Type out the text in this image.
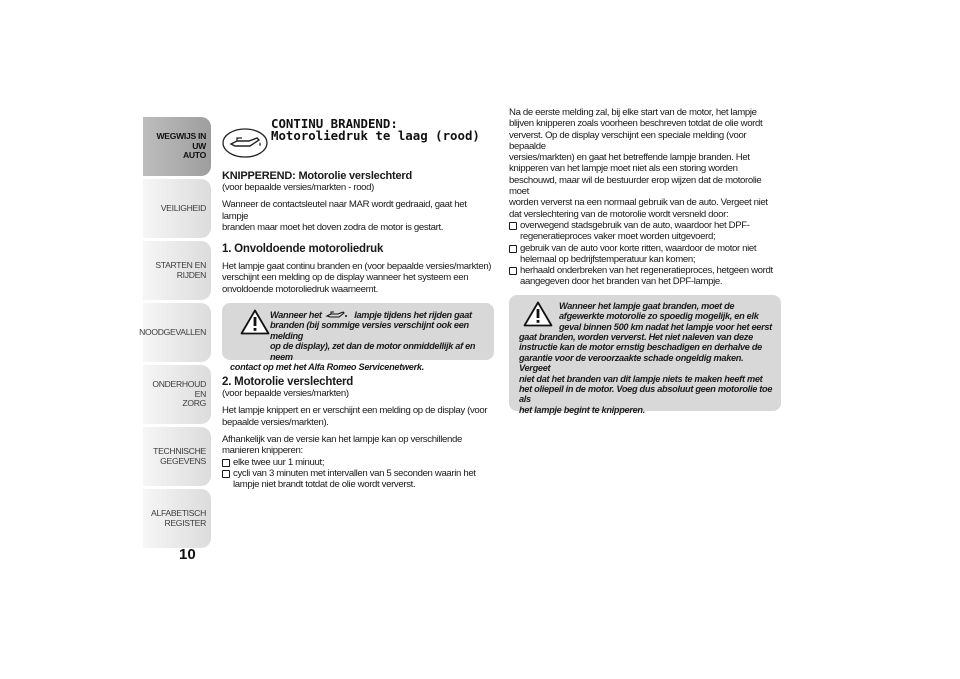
WEGWIJS IN UW
AUTO
VEILIGHEID
STARTEN EN RIJDEN
NOODGEVALLEN
ONDERHOUD EN
ZORG
TECHNISCHE
GEGEVENS
ALFABETISCH
REGISTER
10
CONTINU BRANDEND:
Motoroliedruk te laag (rood)

KNIPPEREND: Motorolie verslechterd

(voor bepaalde versies/markten - rood)

Wanneer de contactsleutel naar MAR wordt gedraaid, gaat het lampje

branden maar moet het doven zodra de motor is gestart.

1. Onvoldoende motoroliedruk

Het lampje gaat continu branden en (voor bepaalde versies/markten)

verschijnt een melding op de display wanneer het systeem een

onvoldoende motoroliedruk waarneemt.

Wanneer het	lampje tijdens het rijden gaat

branden (bij sommige versies verschijnt ook een melding

op de display), zet dan de motor onmiddellijk af en neem

contact op met het Alfa Romeo Servicenetwerk.

2. Motorolie verslechterd

(voor bepaalde versies/markten)

Het lampje knippert en er verschijnt een melding op de display (voor

bepaalde versies/markten).

Afhankelijk van de versie kan het lampje kan op verschillende

manieren knipperen:

elke twee uur 1 minuut;
cycli van 3 minuten met intervallen van 5 seconden waarin het
lampje niet brandt totdat de olie wordt ververst.

Na de eerste melding zal, bij elke start van de motor, het lampje

blijven knipperen zoals voorheen beschreven totdat de olie wordt

ververst. Op de display verschijnt een speciale melding (voor bepaalde

versies/markten) en gaat het betreffende lampje branden. Het

knipperen van het lampje moet niet als een storing worden

beschouwd, maar wil de bestuurder erop wijzen dat de motorolie moet

worden ververst na een normaal gebruik van de auto. Vergeet niet

dat verslechtering van de motorolie wordt versneld door:

overwegend stadsgebruik van de auto, waardoor het DPF-
regeneratieproces vaker moet worden uitgevoerd;
gebruik van de auto voor korte ritten, waardoor de motor niet
helemaal op bedrijfstemperatuur kan komen;
herhaald onderbreken van het regeneratieproces, hetgeen wordt
aangegeven door het branden van het DPF-lampje.

Wanneer het lampje gaat branden, moet de

afgewerkte motorolie zo spoedig mogelijk, en elk

geval binnen 500 km nadat het lampje voor het eerst

gaat branden, worden ververst. Het niet naleven van deze

instructie kan de motor ernstig beschadigen en derhalve de

garantie voor de veroorzaakte schade ongeldig maken. Vergeet

niet dat het branden van dit lampje niets te maken heeft met

het oliepeil in de motor. Voeg dus absoluut geen motorolie toe als

het lampje begint te knipperen.
